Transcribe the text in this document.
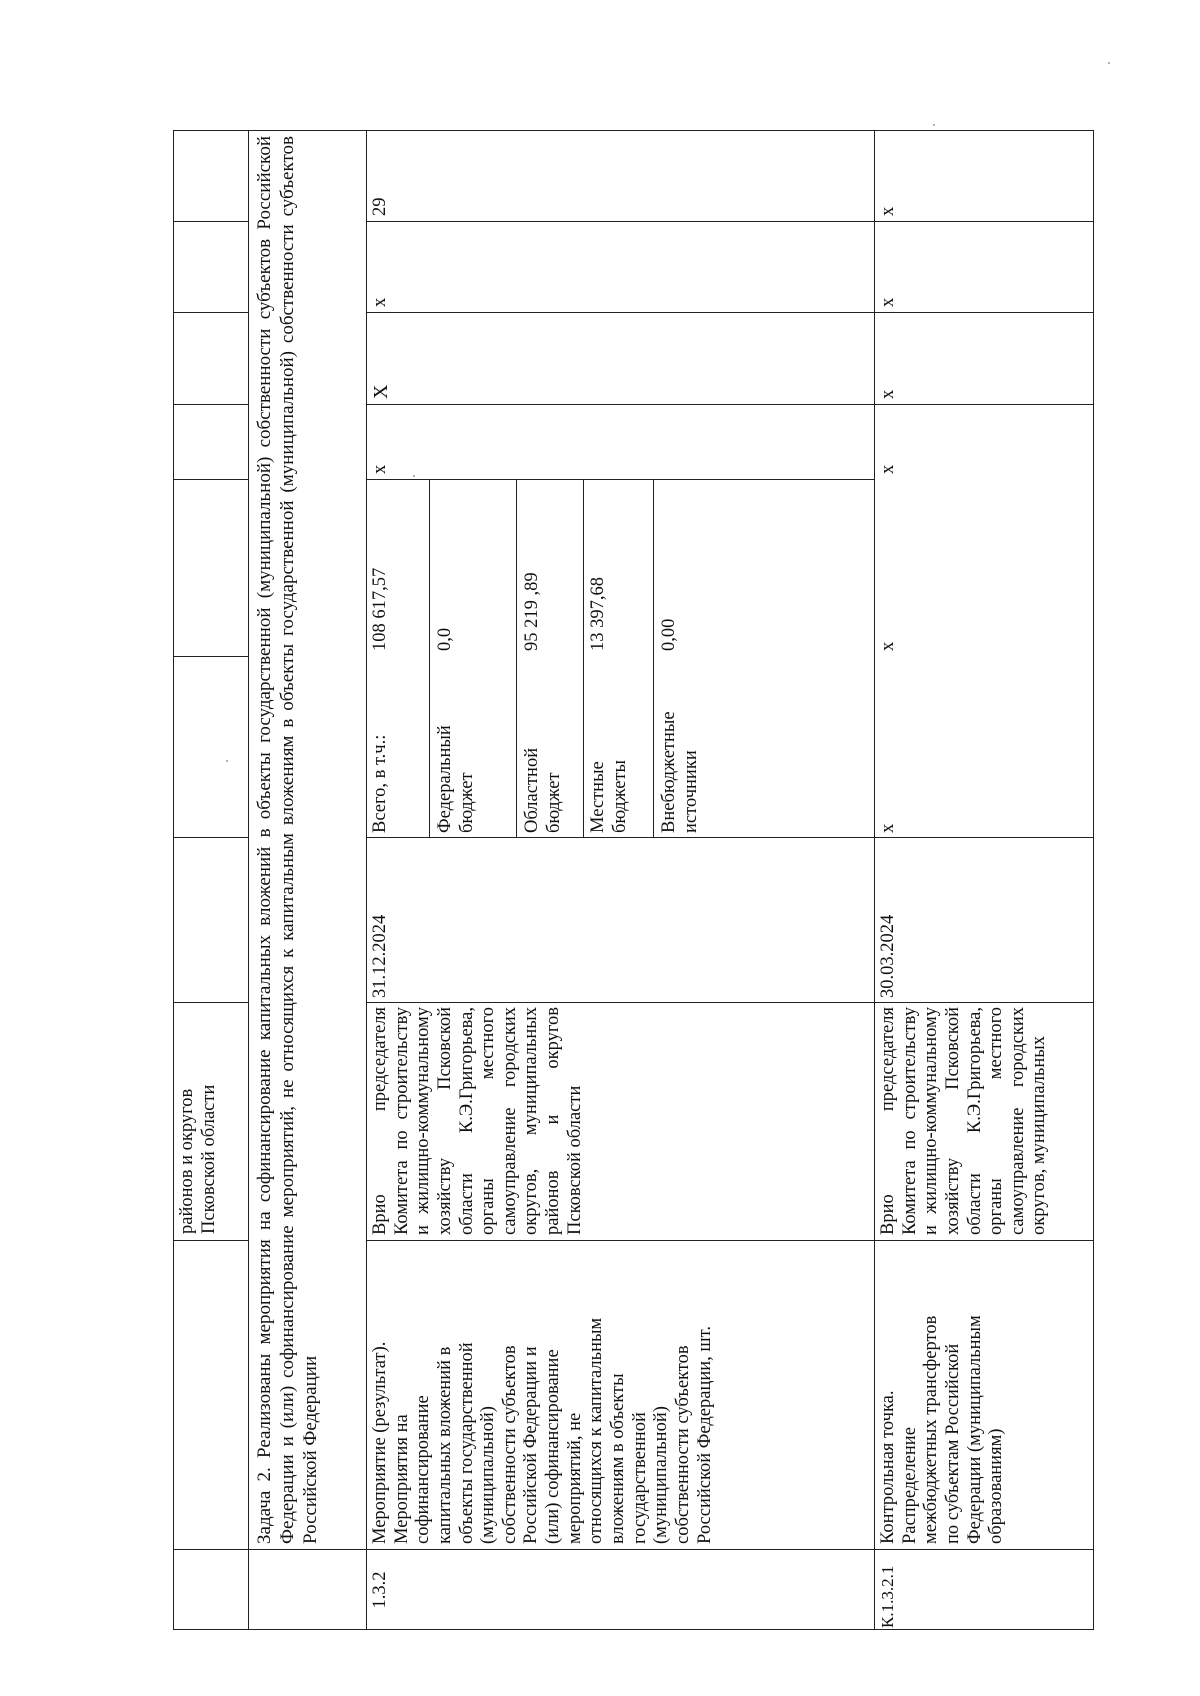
районов и округов
Псковской области	Задача 2. Реализованы мероприятия на софинансирование капитальных вложений в объекты государственной (муниципальной) собственности субъектов Российской Федерации и (или) софинансирование мероприятий, не относящихся к капитальным вложениям в объекты государственной (муниципальной) собственности субъектов Российской Федерации
1.3.2
Мероприятие (результат).
Мероприятия на
софинансирование
капитальных вложений в
объекты государственной
(муниципальной)
собственности субъектов
Российской Федерации и
(или) софинансирование
мероприятий, не
относящихся к капитальным
вложениям в объекты
государственной
(муниципальной)
собственности субъектов
Российской Федерации, шт.
Врио председателя Комитета по строительству и жилищно-коммунальному хозяйству Псковской области К.Э.Григорьева, органы местного самоуправление городских округов, муниципальных районов и округов Псковской области
31.12.2024
Всего, в т.ч.:
108 617,57
Федеральный
бюджет
0,0
Областной
бюджет
95 219 ,89
Местные
бюджеты
13 397,68
Внебюджетные
источники
0,00
х
Х
х
29
К.1.3.2.1
Контрольная точка.
Распределение
межбюджетных трансфертов
по субъектам Российской
Федерации (муниципальным
образованиям)
Врио председателя Комитета по строительству и жилищно-коммунальному хозяйству Псковской области К.Э.Григорьева, органы местного самоуправление городских округов, муниципальных
30.03.2024
х
х
х
х
х
х
